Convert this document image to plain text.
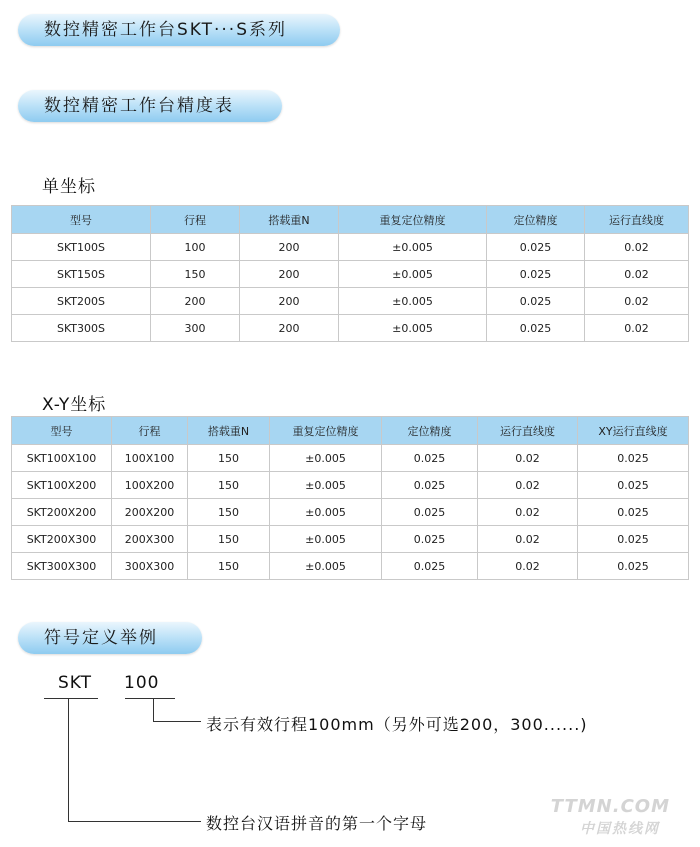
数控精密工作台SKT···S系列
数控精密工作台精度表
单坐标
型号	行程	搭载重N	重复定位精度	定位精度	运行直线度
SKT100S	100	200	±0.005	0.025	0.02
SKT150S	150	200	±0.005	0.025	0.02
SKT200S	200	200	±0.005	0.025	0.02
SKT300S	300	200	±0.005	0.025	0.02
X-Y坐标
型号	行程	搭载重N	重复定位精度	定位精度	运行直线度	XY运行直线度
SKT100X100	100X100	150	±0.005	0.025	0.02	0.025
SKT100X200	100X200	150	±0.005	0.025	0.02	0.025
SKT200X200	200X200	150	±0.005	0.025	0.02	0.025
SKT200X300	200X300	150	±0.005	0.025	0.02	0.025
SKT300X300	300X300	150	±0.005	0.025	0.02	0.025
符号定义举例
SKT 100
表示有效行程100mm（另外可选200，300......)
数控台汉语拼音的第一个字母
TTMN.COM
中国热线网
